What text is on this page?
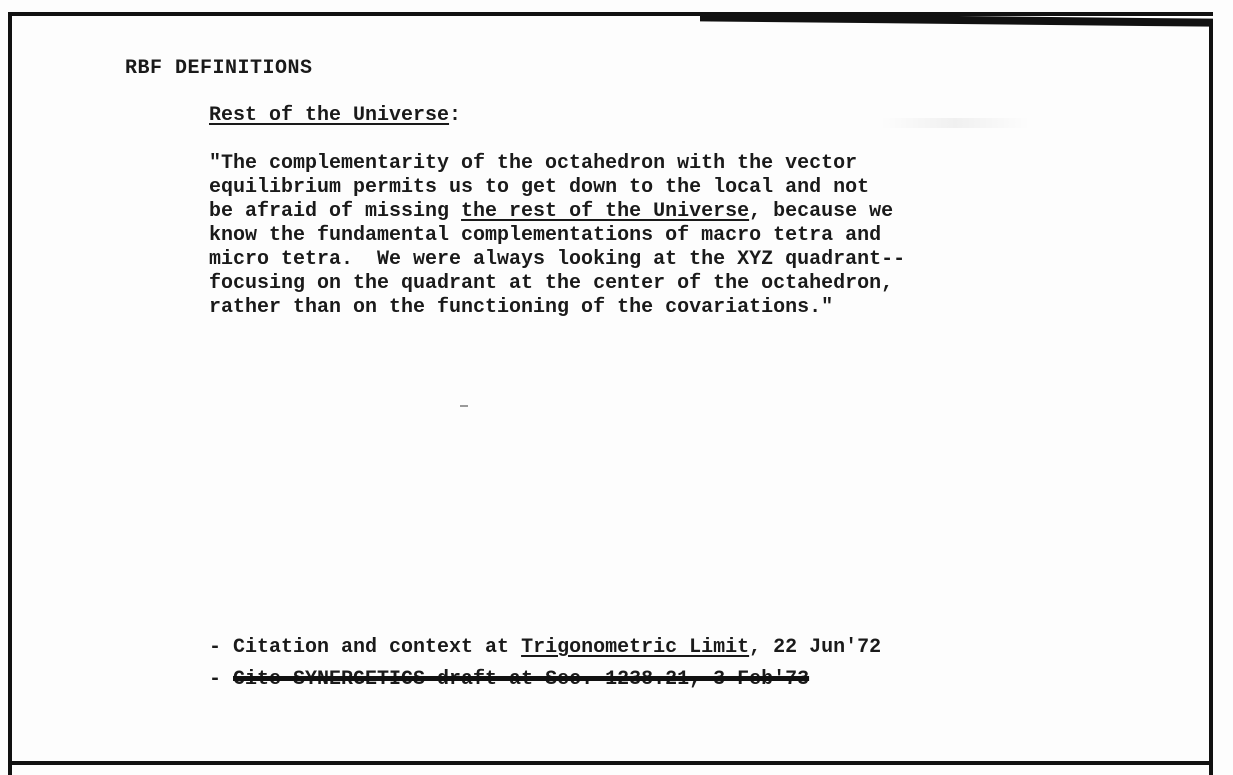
RBF DEFINITIONS
Rest of the Universe:
"The complementarity of the octahedron with the vector
equilibrium permits us to get down to the local and not
be afraid of missing the rest of the Universe, because we
know the fundamental complementations of macro tetra and
micro tetra.  We were always looking at the XYZ quadrant--
focusing on the quadrant at the center of the octahedron,
rather than on the functioning of the covariations."
- Citation and context at Trigonometric Limit, 22 Jun'72
- Cite SYNERGETICS draft at Sec. 1238.21, 3 Feb'73
